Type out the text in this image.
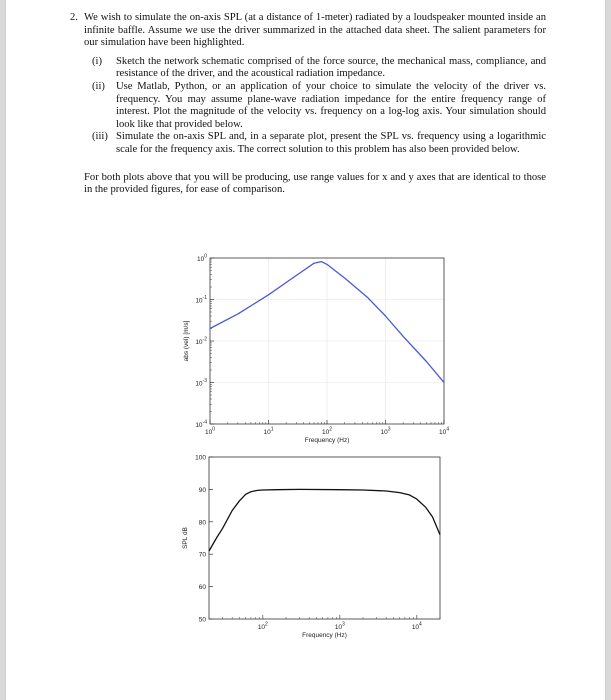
2. We wish to simulate the on-axis SPL (at a distance of 1-meter) radiated by a loudspeaker mounted inside an infinite baffle. Assume we use the driver summarized in the attached data sheet. The salient parameters for our simulation have been highlighted.
(i) Sketch the network schematic comprised of the force source, the mechanical mass, compliance, and resistance of the driver, and the acoustical radiation impedance.
(ii) Use Matlab, Python, or an application of your choice to simulate the velocity of the driver vs. frequency. You may assume plane-wave radiation impedance for the entire frequency range of interest. Plot the magnitude of the velocity vs. frequency on a log-log axis. Your simulation should look like that provided below.
(iii) Simulate the on-axis SPL and, in a separate plot, present the SPL vs. frequency using a logarithmic scale for the frequency axis. The correct solution to this problem has also been provided below.
For both plots above that you will be producing, use range values for x and y axes that are identical to those in the provided figures, for ease of comparison.
$10^0$	$10^1$	$10^2$	$10^3$	$10^4$
$10^0$
$10^{-1}$
$10^{-2}$
$10^{-3}$
$10^{-4}$
Frequency (Hz)
abs (vel) [m/s]
$10^2$	$10^3$	$10^4$
100
90
80
70
60
50
Frequency (Hz)
SPL dB
